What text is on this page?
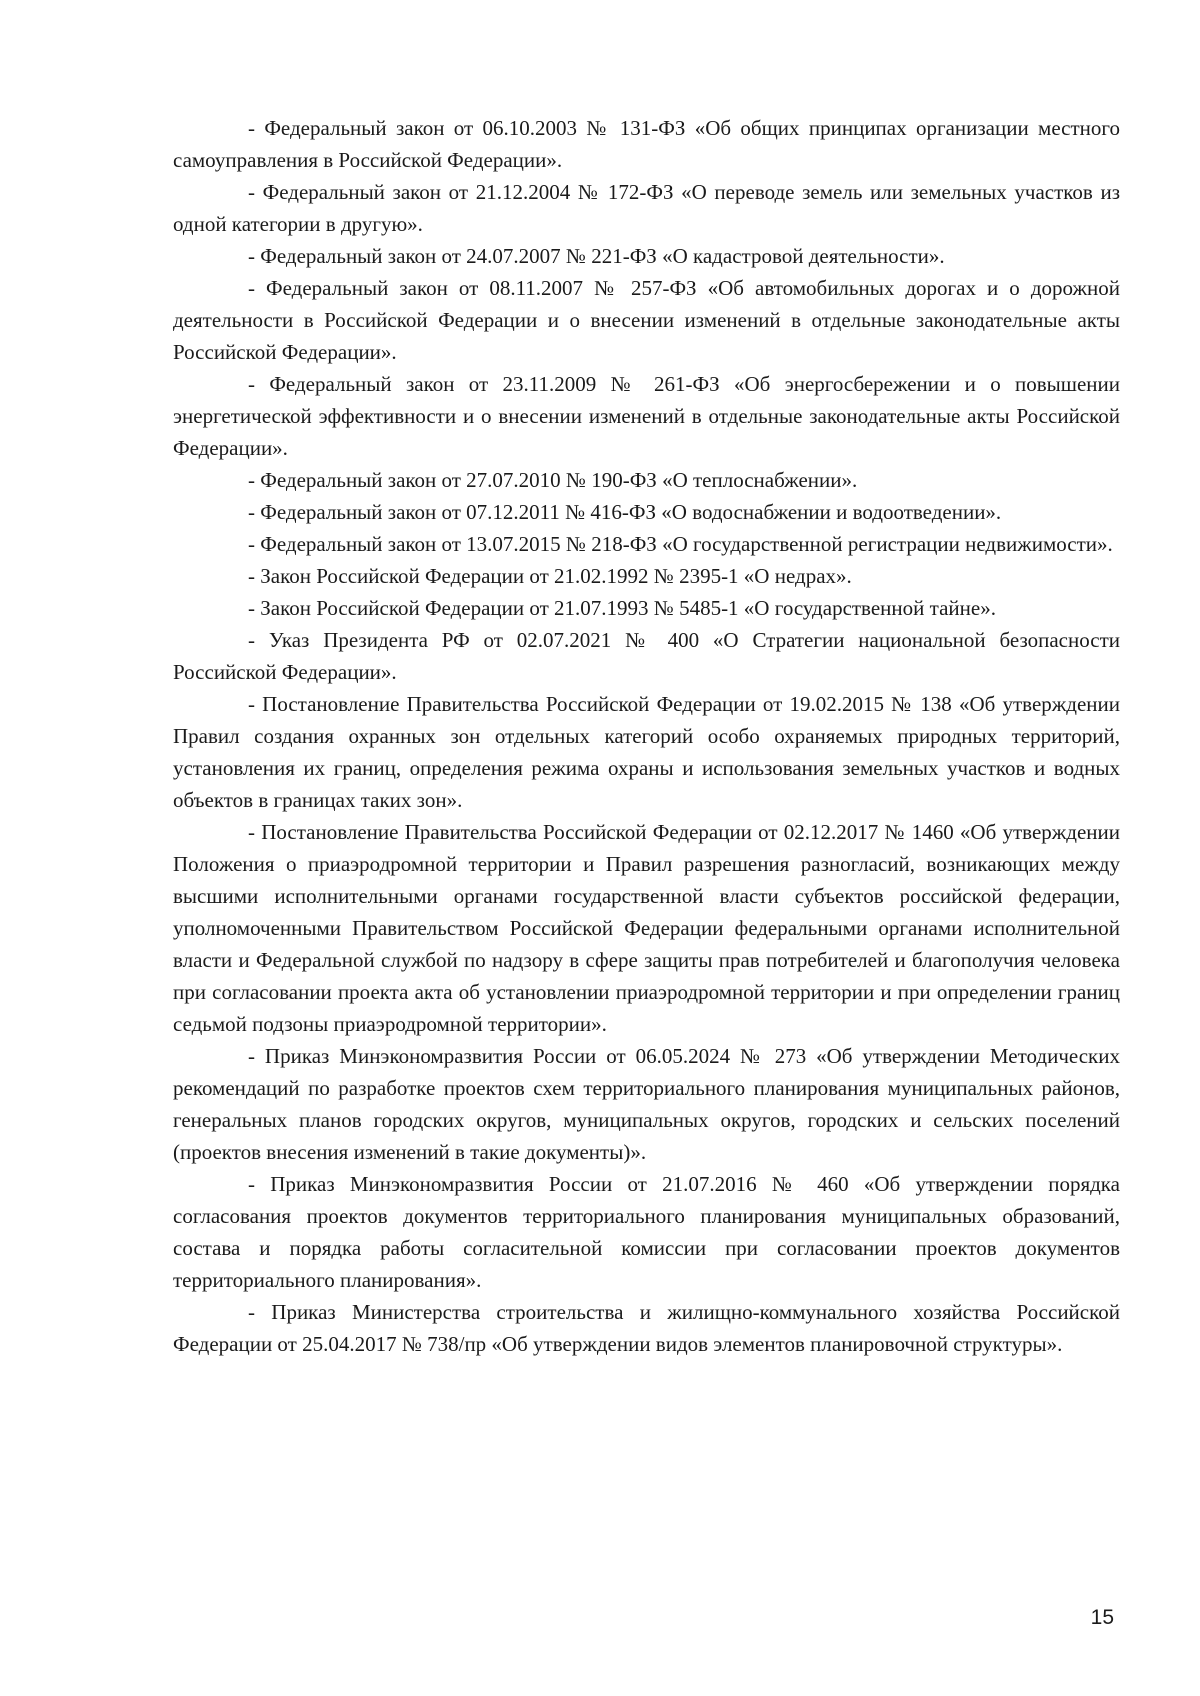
- Федеральный закон от 06.10.2003 № 131-ФЗ «Об общих принципах организации местного самоуправления в Российской Федерации».

- Федеральный закон от 21.12.2004 № 172-ФЗ «О переводе земель или земельных участков из одной категории в другую».

- Федеральный закон от 24.07.2007 № 221-ФЗ «О кадастровой деятельности».

- Федеральный закон от 08.11.2007 № 257-ФЗ «Об автомобильных дорогах и о дорожной деятельности в Российской Федерации и о внесении изменений в отдельные законодательные акты Российской Федерации».

- Федеральный закон от 23.11.2009 № 261-ФЗ «Об энергосбережении и о повышении энергетической эффективности и о внесении изменений в отдельные законодательные акты Российской Федерации».

- Федеральный закон от 27.07.2010 № 190-ФЗ «О теплоснабжении».

- Федеральный закон от 07.12.2011 № 416-ФЗ «О водоснабжении и водоотведении».

- Федеральный закон от 13.07.2015 № 218-ФЗ «О государственной регистрации недвижимости».

- Закон Российской Федерации от 21.02.1992 № 2395-1 «О недрах».

- Закон Российской Федерации от 21.07.1993 № 5485-1 «О государственной тайне».

- Указ Президента РФ от 02.07.2021 № 400 «О Стратегии национальной безопасности Российской Федерации».

- Постановление Правительства Российской Федерации от 19.02.2015 № 138 «Об утверждении Правил создания охранных зон отдельных категорий особо охраняемых природных территорий, установления их границ, определения режима охраны и использования земельных участков и водных объектов в границах таких зон».

- Постановление Правительства Российской Федерации от 02.12.2017 № 1460 «Об утверждении Положения о приаэродромной территории и Правил разрешения разногласий, возникающих между высшими исполнительными органами государственной власти субъектов российской федерации, уполномоченными Правительством Российской Федерации федеральными органами исполнительной власти и Федеральной службой по надзору в сфере защиты прав потребителей и благополучия человека при согласовании проекта акта об установлении приаэродромной территории и при определении границ седьмой подзоны приаэродромной территории».

- Приказ Минэкономразвития России от 06.05.2024 № 273 «Об утверждении Методических рекомендаций по разработке проектов схем территориального планирования муниципальных районов, генеральных планов городских округов, муниципальных округов, городских и сельских поселений (проектов внесения изменений в такие документы)».

- Приказ Минэкономразвития России от 21.07.2016 № 460 «Об утверждении порядка согласования проектов документов территориального планирования муниципальных образований, состава и порядка работы согласительной комиссии при согласовании проектов документов территориального планирования».

- Приказ Министерства строительства и жилищно-коммунального хозяйства Российской Федерации от 25.04.2017 № 738/пр «Об утверждении видов элементов планировочной структуры».

15
